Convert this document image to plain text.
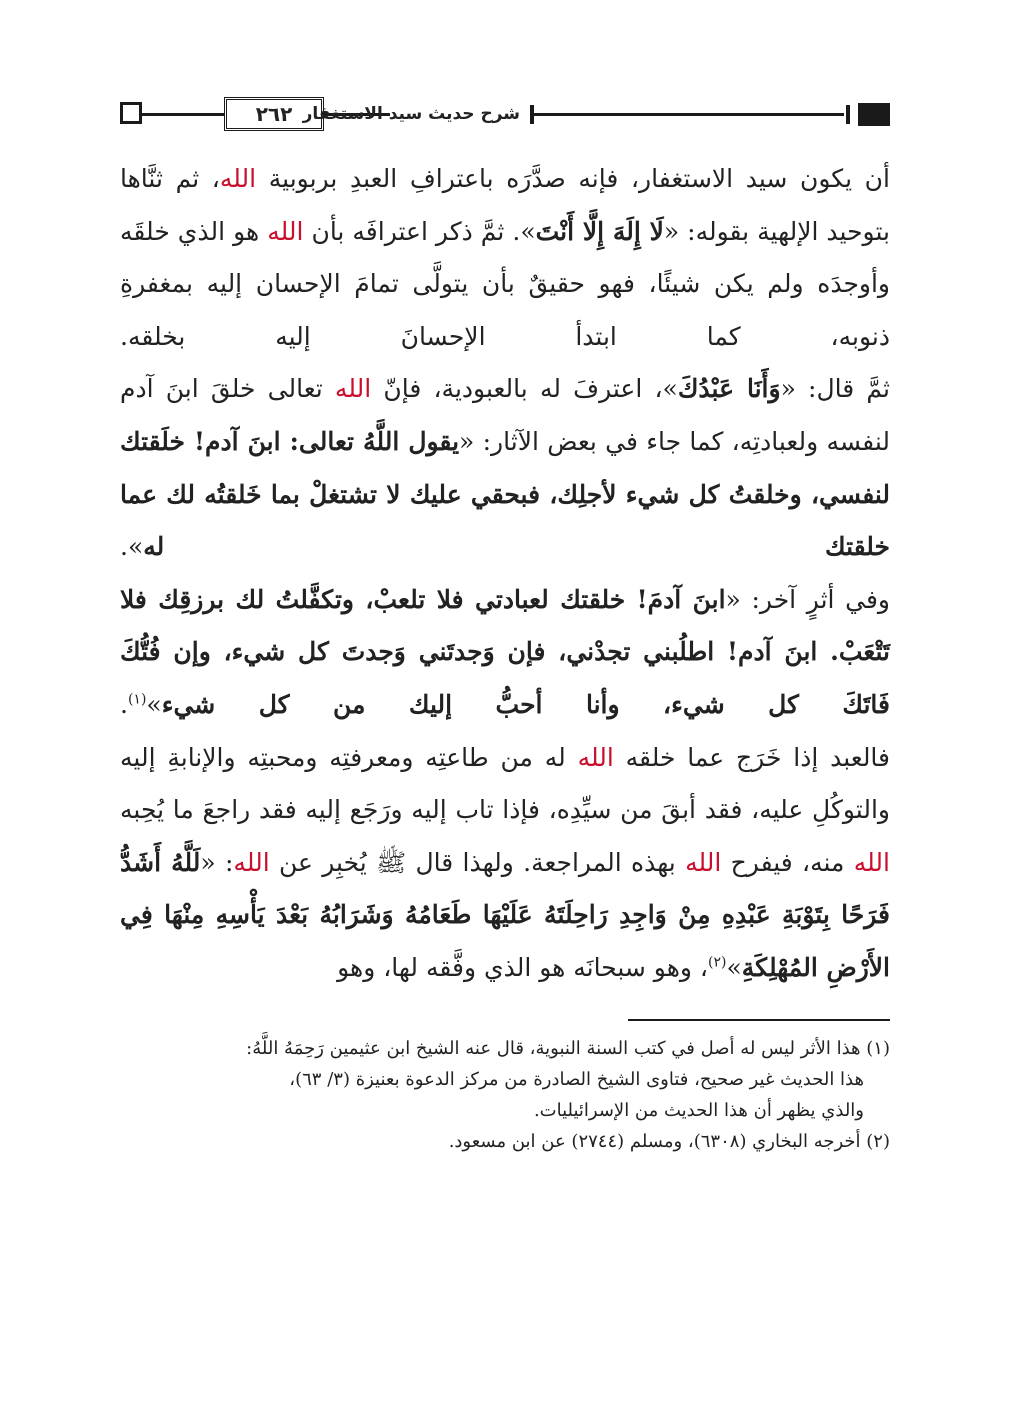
٢٦٢ شرح حديث سيد الاستغفار

أن يكون سيد الاستغفار، فإنه صدَّرَه باعترافِ العبدِ بربوبية الله، ثم ثنَّاها بتوحيد الإلهية بقوله: «لَا إِلَهَ إِلَّا أَنْتَ». ثمَّ ذكر اعترافَه بأن الله هو الذي خلقَه وأوجدَه ولم يكن شيئًا، فهو حقيقٌ بأن يتولَّى تمامَ الإحسان إليه بمغفرةِ ذنوبه، كما ابتدأ الإحسانَ إليه بخلقه.

ثمَّ قال: «وَأَنَا عَبْدُكَ»، اعترفَ له بالعبودية، فإنّ الله تعالى خلقَ ابنَ آدم لنفسه ولعبادتِه، كما جاء في بعض الآثار: «يقول اللَّهُ تعالى: ابنَ آدم! خلَقتك لنفسي، وخلقتُ كل شيء لأجلِك، فبحقي عليك لا تشتغلْ بما خَلقتُه لك عما خلقتك له».

وفي أثرٍ آخر: «ابنَ آدمَ! خلقتك لعبادتي فلا تلعبْ، وتكفَّلتُ لك برزقِك فلا تَتْعَبْ. ابنَ آدم! اطلُبني تجدْني، فإن وَجدتَني وَجدتَ كل شيء، وإن فُتُّكَ فَاتَكَ كل شيء، وأنا أحبُّ إليك من كل شيء»$^{(١)}$.

فالعبد إذا خَرَج عما خلقه الله له من طاعتِه ومعرفتِه ومحبتِه والإنابةِ إليه والتوكُلِ عليه، فقد أبقَ من سيِّدِه، فإذا تاب إليه ورَجَع إليه فقد راجعَ ما يُحِبه الله منه، فيفرح الله بهذه المراجعة. ولهذا قال ﷺ يُخبِر عن الله: «لَلَّهُ أَشَدُّ فَرَحًا بِتَوْبَةِ عَبْدِهِ مِنْ وَاجِدِ رَاحِلَتَهُ عَلَيْهَا طَعَامُهُ وَشَرَابُهُ بَعْدَ يَأْسِهِ مِنْهَا فِي الأَرْضِ المُهْلِكَةِ»$^{(٢)}$، وهو سبحانَه هو الذي وفَّقه لها، وهو

(١) هذا الأثر ليس له أصل في كتب السنة النبوية، قال عنه الشيخ ابن عثيمين رَحِمَهُ اللَّهُ:

هذا الحديث غير صحيح، فتاوى الشيخ الصادرة من مركز الدعوة بعنيزة (٣/ ٦٣)،

والذي يظهر أن هذا الحديث من الإسرائيليات.

(٢) أخرجه البخاري (٦٣٠٨)، ومسلم (٢٧٤٤) عن ابن مسعود.
